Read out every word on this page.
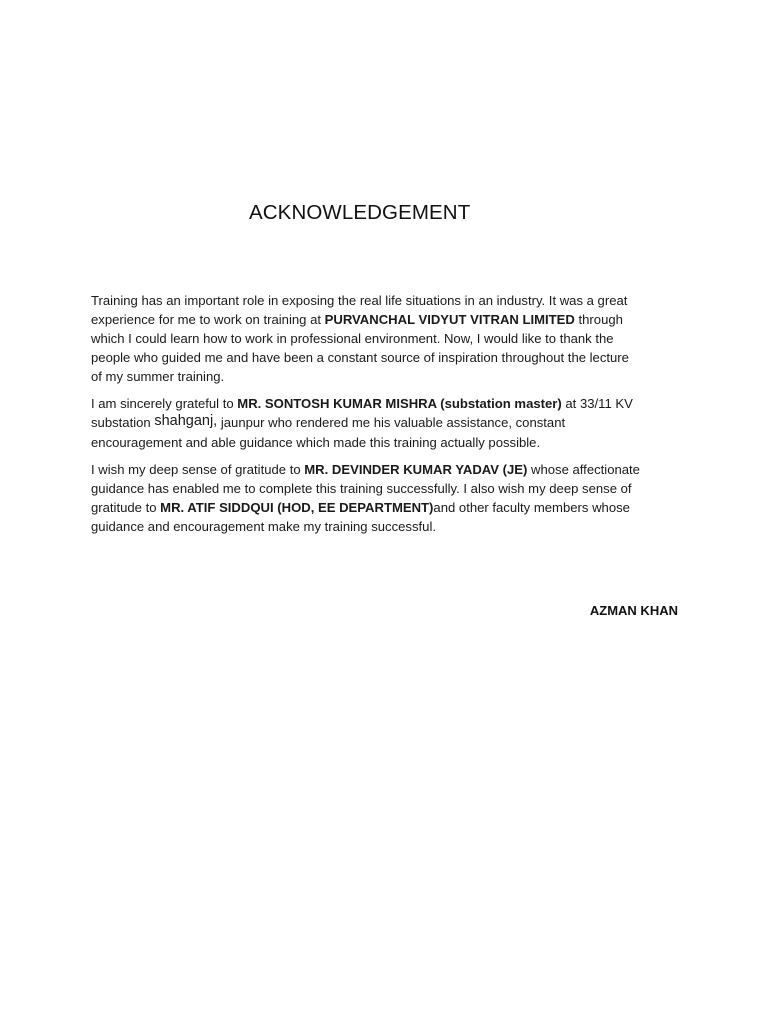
ACKNOWLEDGEMENT

Training has an important role in exposing the real life situations in an industry. It was a great
experience for me to work on training at PURVANCHAL VIDYUT VITRAN LIMITED through
which I could learn how to work in professional environment. Now, I would like to thank the
people who guided me and have been a constant source of inspiration throughout the lecture
of my summer training.

I am sincerely grateful to MR. SONTOSH KUMAR MISHRA (substation master) at 33/11 KV
substation shahganj, jaunpur who rendered me his valuable assistance, constant
encouragement and able guidance which made this training actually possible.

I wish my deep sense of gratitude to MR. DEVINDER KUMAR YADAV (JE) whose affectionate
guidance has enabled me to complete this training successfully. I also wish my deep sense of
gratitude to MR. ATIF SIDDQUI (HOD, EE DEPARTMENT)and other faculty members whose
guidance and encouragement make my training successful.

AZMAN KHAN
